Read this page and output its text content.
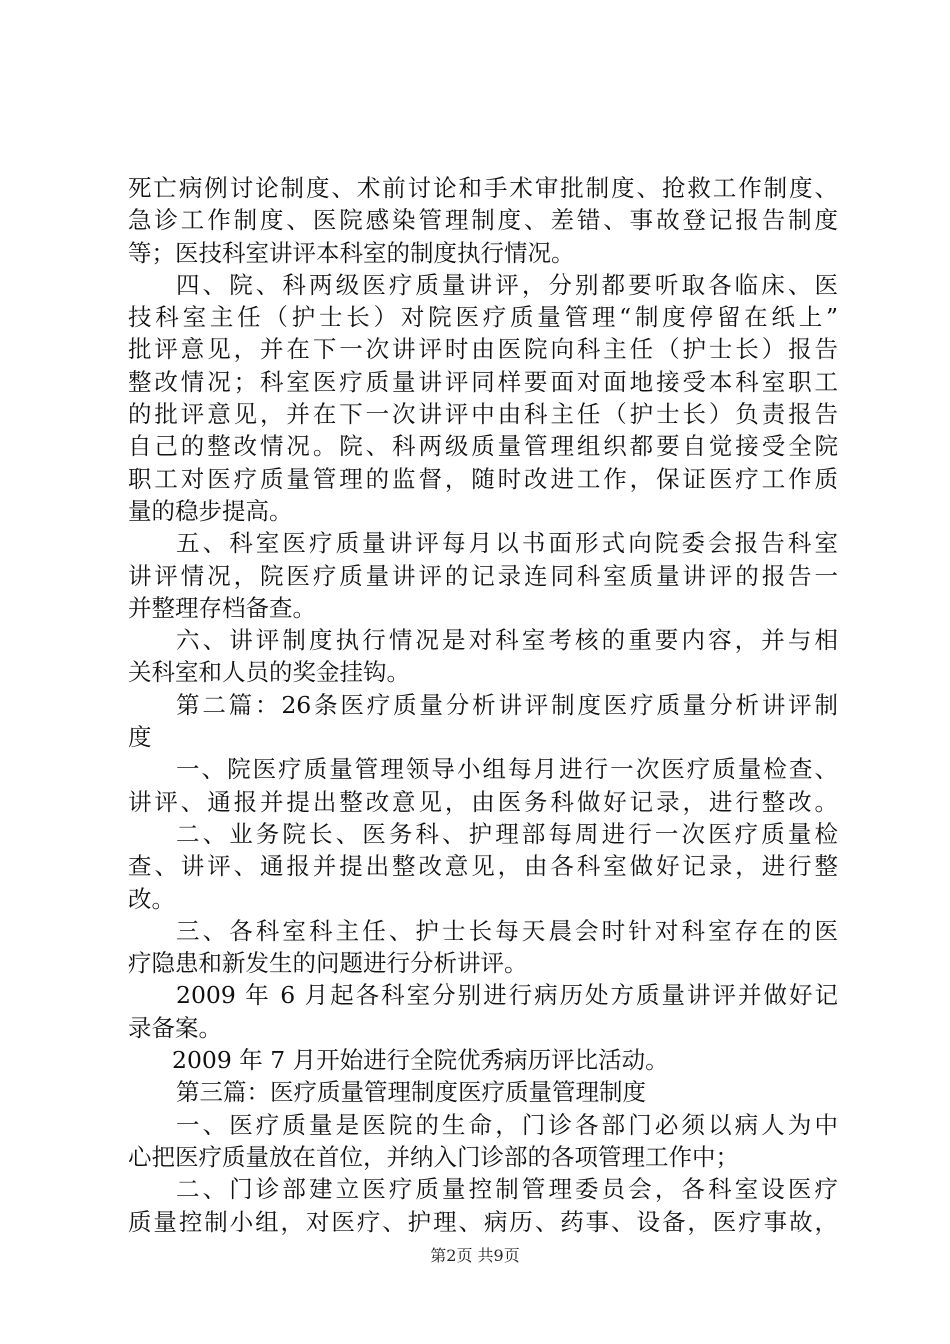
死亡病例讨论制度、术前讨论和手术审批制度、抢救工作制度、
急诊工作制度、医院感染管理制度、差错、事故登记报告制度
等；医技科室讲评本科室的制度执行情况。
四、院、科两级医疗质量讲评，分别都要听取各临床、医
技科室主任（护士长）对院医疗质量管理“制度停留在纸上”
批评意见，并在下一次讲评时由医院向科主任（护士长）报告
整改情况；科室医疗质量讲评同样要面对面地接受本科室职工
的批评意见，并在下一次讲评中由科主任（护士长）负责报告
自己的整改情况。院、科两级质量管理组织都要自觉接受全院
职工对医疗质量管理的监督，随时改进工作，保证医疗工作质
量的稳步提高。
五、科室医疗质量讲评每月以书面形式向院委会报告科室
讲评情况，院医疗质量讲评的记录连同科室质量讲评的报告一
并整理存档备查。
六、讲评制度执行情况是对科室考核的重要内容，并与相
关科室和人员的奖金挂钩。
第二篇：26条医疗质量分析讲评制度医疗质量分析讲评制
度
一、院医疗质量管理领导小组每月进行一次医疗质量检查、
讲评、通报并提出整改意见，由医务科做好记录，进行整改。
二、业务院长、医务科、护理部每周进行一次医疗质量检
查、讲评、通报并提出整改意见，由各科室做好记录，进行整
改。
三、各科室科主任、护士长每天晨会时针对科室存在的医
疗隐患和新发生的问题进行分析讲评。
2009 年 6 月起各科室分别进行病历处方质量讲评并做好记
录备案。
2009 年 7 月开始进行全院优秀病历评比活动。
第三篇：医疗质量管理制度医疗质量管理制度
一、医疗质量是医院的生命，门诊各部门必须以病人为中
心把医疗质量放在首位，并纳入门诊部的各项管理工作中；
二、门诊部建立医疗质量控制管理委员会，各科室设医疗
质量控制小组，对医疗、护理、病历、药事、设备，医疗事故，
第2页 共9页
